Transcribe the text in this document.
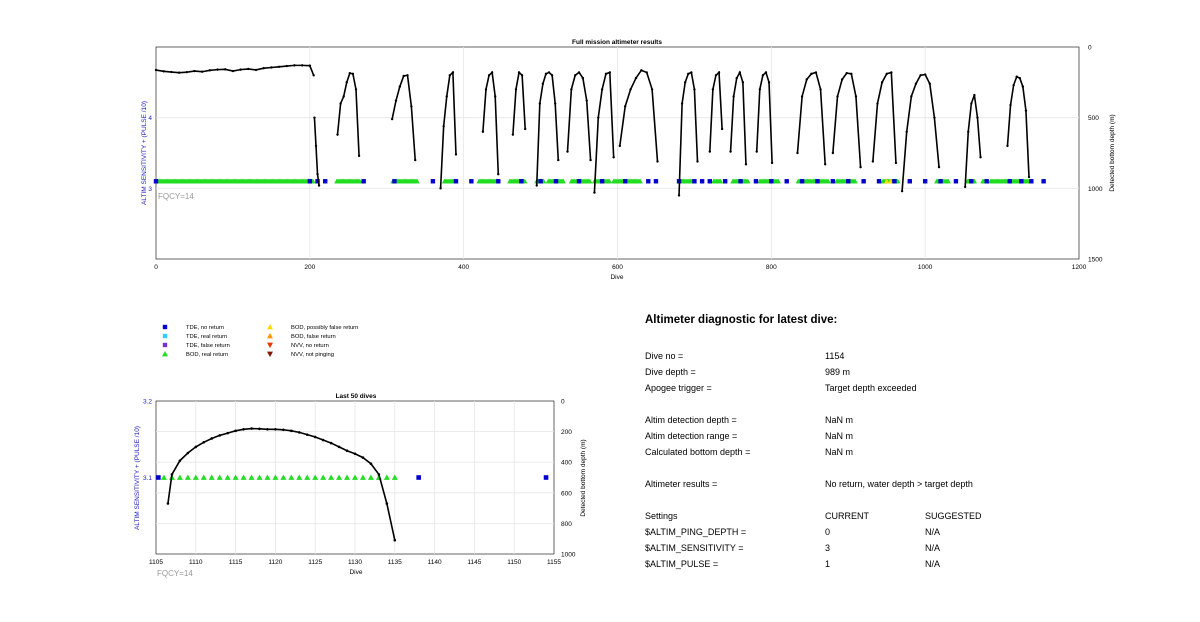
0	200	400	600	800	1000	1200
0
500
1000
1500
4
3
Full mission altimeter results
Dive
ALTIM SENSITIVITY + (PULSE /10)	Detected bottom depth (m)
FQCY=14
TDE, no return
TDE, real return
TDE, false return
BOD, real return
BOD, possibly false return
BOD, false return
NVV, no return
NVV, not pinging
1105	1110	1115	1120	1125	1130	1135	1140	1145	1150	1155
0
200
400
600
800
1000
3.2
3.1
Last 50 dives
Dive
ALTIM SENSITIVITY + (PULSE /10)	Detected bottom depth (m)
FQCY=14
Altimeter diagnostic for latest dive:
Dive no =	1154
Dive depth =	989 m
Apogee trigger =	Target depth exceeded
Altim detection depth =	NaN m
Altim detection range =	NaN m
Calculated bottom depth =	NaN m
Altimeter results =	No return, water depth > target depth
Settings	CURRENT	SUGGESTED
$ALTIM_PING_DEPTH =	0	N/A
$ALTIM_SENSITIVITY =	3	N/A
$ALTIM_PULSE =	1	N/A
